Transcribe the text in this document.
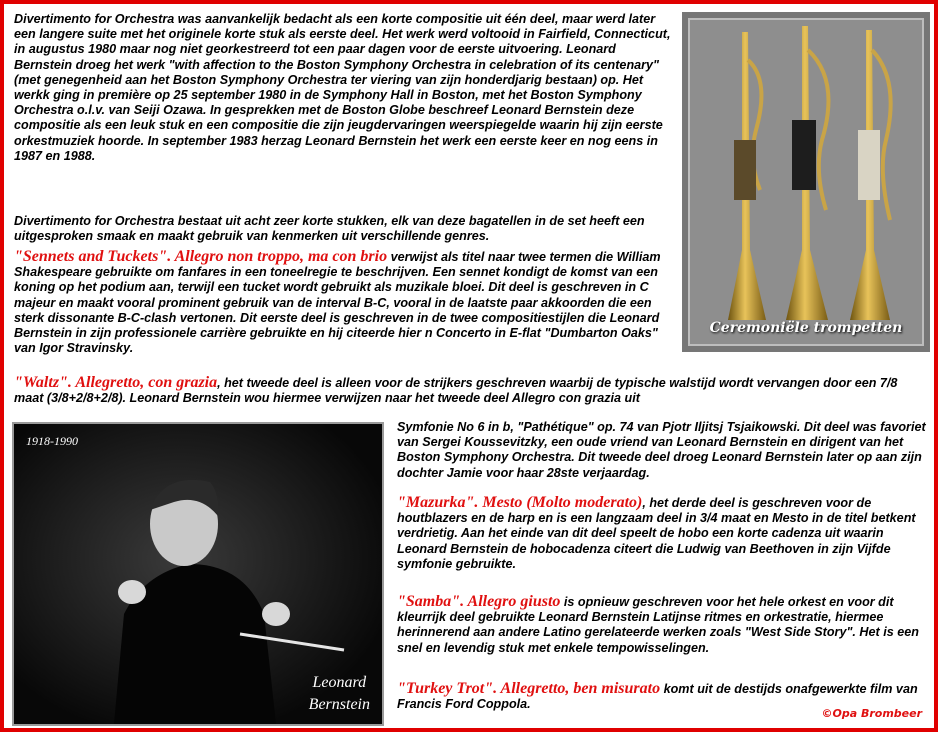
Divertimento for Orchestra was aanvankelijk bedacht als een korte compositie uit één deel, maar werd later een langere suite met het originele korte stuk als eerste deel. Het werk werd voltooid in Fairfield, Connecticut, in augustus 1980 maar nog niet georkestreerd tot een paar dagen voor de eerste uitvoering. Leonard Bernstein droeg het werk "with affection to the Boston Symphony Orchestra in celebration of its centenary" (met genegenheid aan het Boston Symphony Orchestra ter viering van zijn honderdjarig bestaan) op. Het werkk ging in première op 25 september 1980 in de Symphony Hall in Boston, met het Boston Symphony Orchestra o.l.v. van Seiji Ozawa. In gesprekken met de Boston Globe beschreef Leonard Bernstein deze compositie als een leuk stuk en een compositie die zijn jeugdervaringen weerspiegelde waarin hij zijn eerste orkestmuziek hoorde. In september 1983 herzag Leonard Bernstein het werk een eerste keer en nog eens in 1987 en 1988.

Divertimento for Orchestra bestaat uit acht zeer korte stukken, elk van deze bagatellen in de set heeft een uitgesproken smaak en maakt gebruik van kenmerken uit verschillende genres.

"Sennets and Tuckets". Allegro non troppo, ma con brio verwijst als titel naar twee termen die William Shakespeare gebruikte om fanfares in een toneelregie te beschrijven. Een sennet kondigt de komst van een koning op het podium aan, terwijl een tucket wordt gebruikt als muzikale bloei. Dit deel is geschreven in C majeur en maakt vooral prominent gebruik van de interval B-C, vooral in de laatste paar akkoorden die een sterk dissonante B-C-clash vertonen. Dit eerste deel is geschreven in de twee compositiestijlen die Leonard Bernstein in zijn professionele carrière gebruikte en hij citeerde hier n Concerto in E-flat "Dumbarton Oaks" van Igor Stravinsky.

"Waltz". Allegretto, con grazia, het tweede deel is alleen voor de strijkers geschreven waarbij de typische walstijd wordt vervangen door een 7/8 maat (3/8+2/8+2/8). Leonard Bernstein wou hiermee verwijzen naar het tweede deel Allegro con grazia uit

Symfonie No 6 in b, "Pathétique" op. 74 van Pjotr Iljitsj Tsjaikowski. Dit deel was favoriet van Sergei Koussevitzky, een oude vriend van Leonard Bernstein en dirigent van het Boston Symphony Orchestra. Dit tweede deel droeg Leonard Bernstein later op aan zijn dochter Jamie voor haar 28ste verjaardag.

"Mazurka". Mesto (Molto moderato), het derde deel is geschreven voor de houtblazers en de harp en is een langzaam deel in 3/4 maat en Mesto in de titel betkent verdrietig. Aan het einde van dit deel speelt de hobo een korte cadenza uit waarin Leonard Bernstein de hobocadenza citeert die Ludwig van Beethoven in zijn Vijfde symfonie gebruikte.

"Samba". Allegro giusto is opnieuw geschreven voor het hele orkest en voor dit kleurrijk deel gebruikte Leonard Bernstein Latijnse ritmes en orkestratie, hiermee herinnerend aan andere Latino gerelateerde werken zoals "West Side Story". Het is een snel en levendig stuk met enkele tempowisselingen.

"Turkey Trot". Allegretto, ben misurato komt uit de destijds onafgewerkte film van Francis Ford Coppola.

Ceremoniële trompetten
1918-1990
Leonard
Bernstein
©Opa Brombeer
